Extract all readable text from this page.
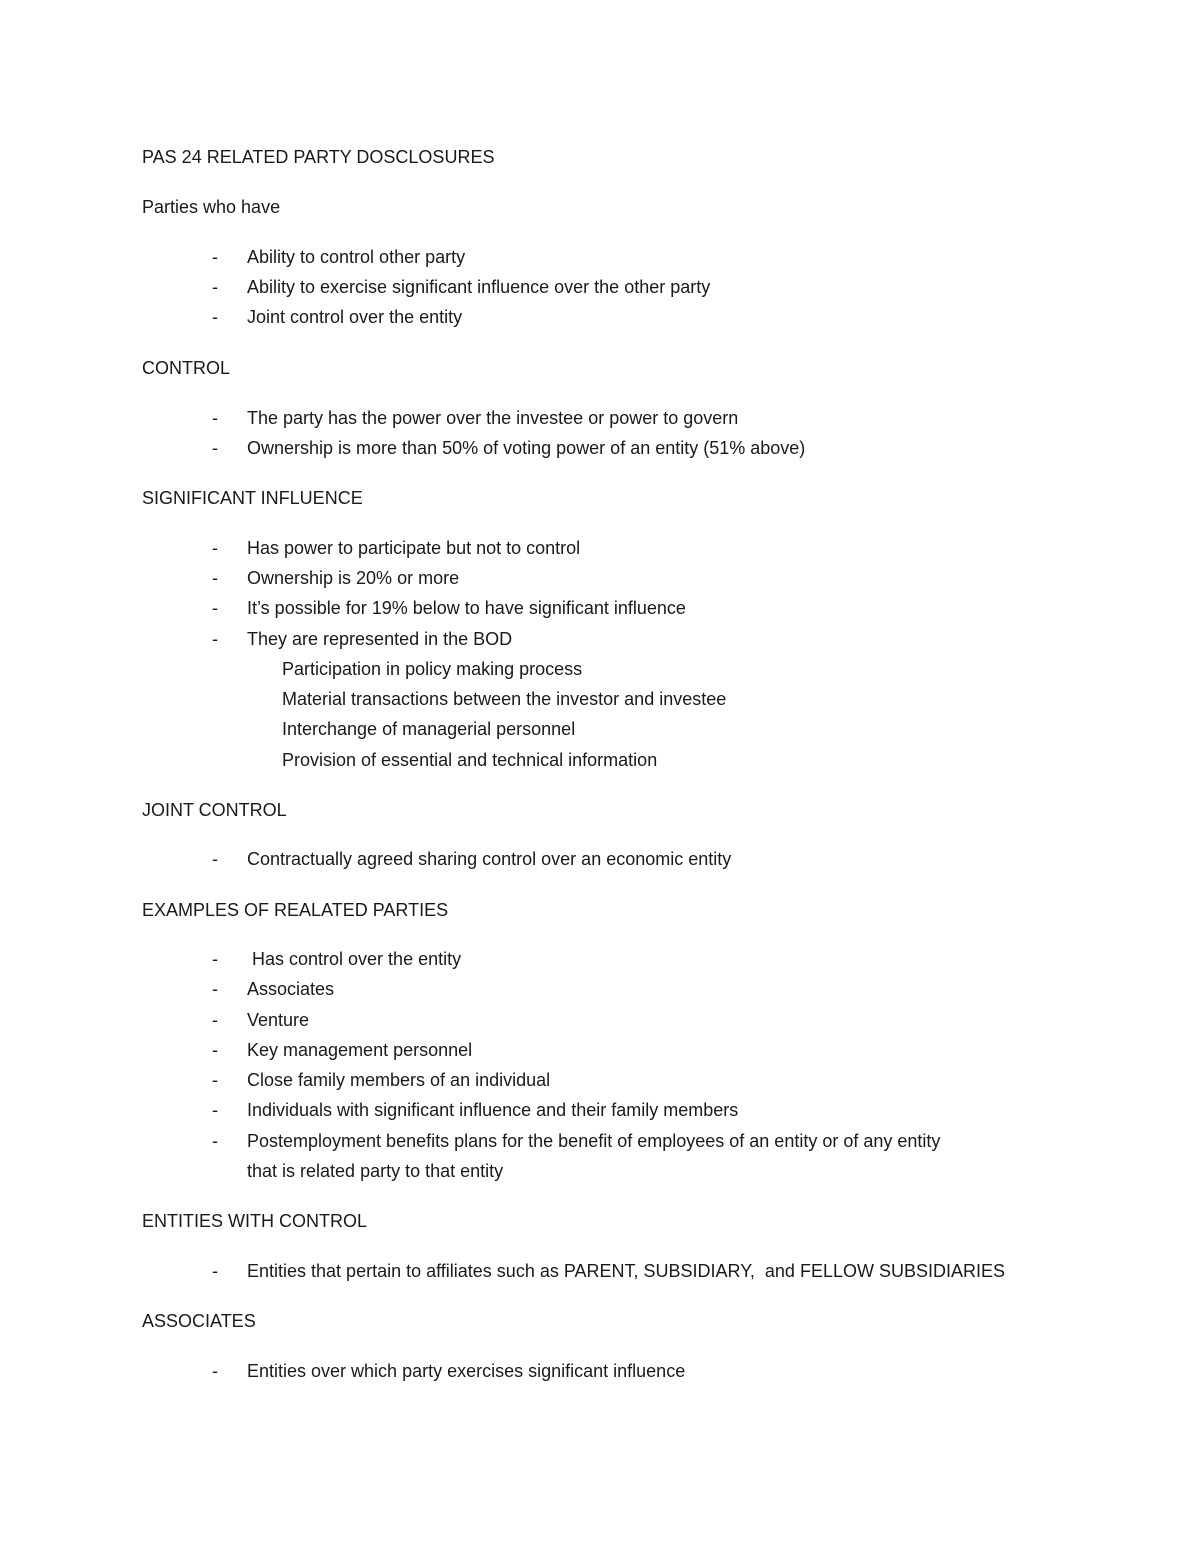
PAS 24 RELATED PARTY DOSCLOSURES

Parties who have

- Ability to control other party

- Ability to exercise significant influence over the other party

- Joint control over the entity

CONTROL

- The party has the power over the investee or power to govern

- Ownership is more than 50% of voting power of an entity (51% above)

SIGNIFICANT INFLUENCE

- Has power to participate but not to control

- Ownership is 20% or more

- It’s possible for 19% below to have significant influence

- They are represented in the BOD

Participation in policy making process

Material transactions between the investor and investee

Interchange of managerial personnel

Provision of essential and technical information

JOINT CONTROL

- Contractually agreed sharing control over an economic entity

EXAMPLES OF REALATED PARTIES

- Has control over the entity

- Associates

- Venture

- Key management personnel

- Close family members of an individual

- Individuals with significant influence and their family members

- Postemployment benefits plans for the benefit of employees of an entity or of any entity

that is related party to that entity

ENTITIES WITH CONTROL

- Entities that pertain to affiliates such as PARENT, SUBSIDIARY,  and FELLOW SUBSIDIARIES

ASSOCIATES

- Entities over which party exercises significant influence
